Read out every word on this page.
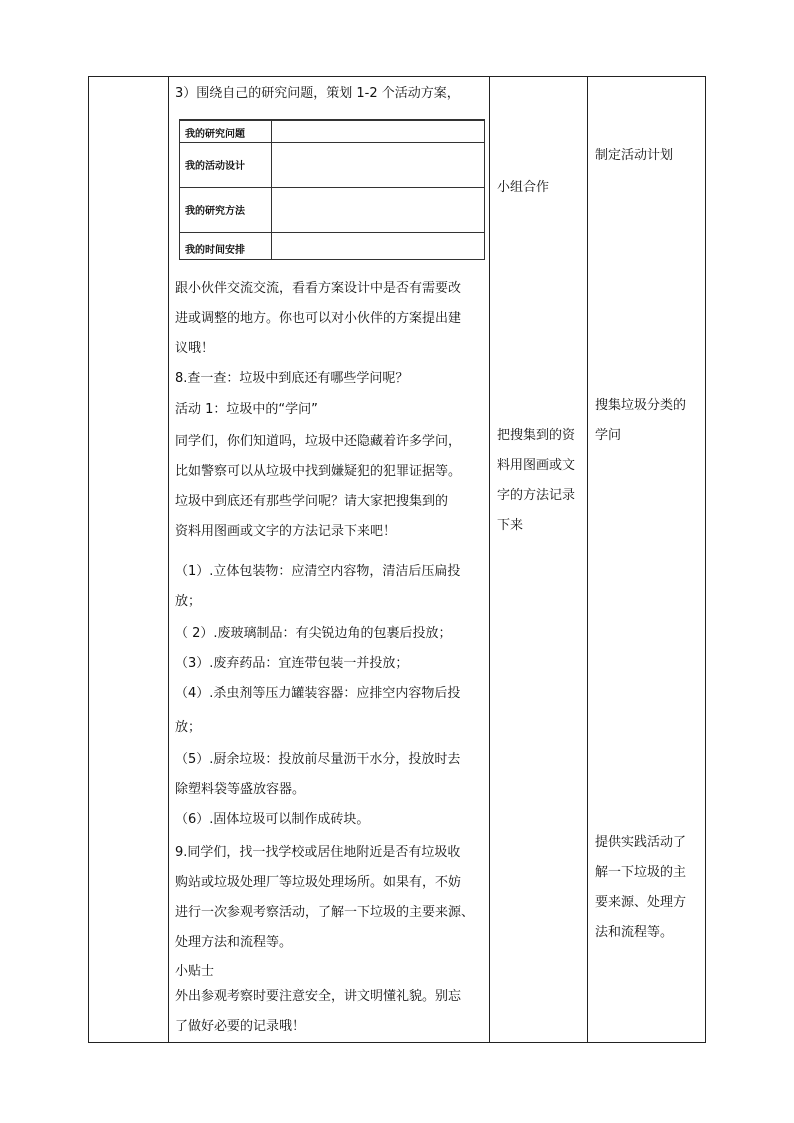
3）围绕自己的研究问题，策划 1-2 个活动方案，
我的研究问题
我的活动设计
我的研究方法
我的时间安排
跟小伙伴交流交流，看看方案设计中是否有需要改
进或调整的地方。你也可以对小伙伴的方案提出建
议哦！
8.查一查：垃圾中到底还有哪些学问呢？
活动 1：垃圾中的“学问”
同学们，你们知道吗，垃圾中还隐藏着许多学问，
比如警察可以从垃圾中找到嫌疑犯的犯罪证据等。
垃圾中到底还有那些学问呢？请大家把搜集到的
资料用图画或文字的方法记录下来吧！
（1）.立体包装物：应清空内容物，清洁后压扁投
放；
（ 2）.废玻璃制品：有尖锐边角的包裹后投放；
（3）.废弃药品：宜连带包装一并投放；
（4）.杀虫剂等压力罐装容器：应排空内容物后投
放；
（5）.厨余垃圾：投放前尽量沥干水分，投放时去
除塑料袋等盛放容器。
（6）.固体垃圾可以制作成砖块。
9.同学们，找一找学校或居住地附近是否有垃圾收
购站或垃圾处理厂等垃圾处理场所。如果有，不妨
进行一次参观考察活动，了解一下垃圾的主要来源、
处理方法和流程等。
小贴士
外出参观考察时要注意安全，讲文明懂礼貌。别忘
了做好必要的记录哦！
小组合作
把搜集到的资
料用图画或文
字的方法记录
下来
制定活动计划
搜集垃圾分类的
学问
提供实践活动了
解一下垃圾的主
要来源、处理方
法和流程等。
